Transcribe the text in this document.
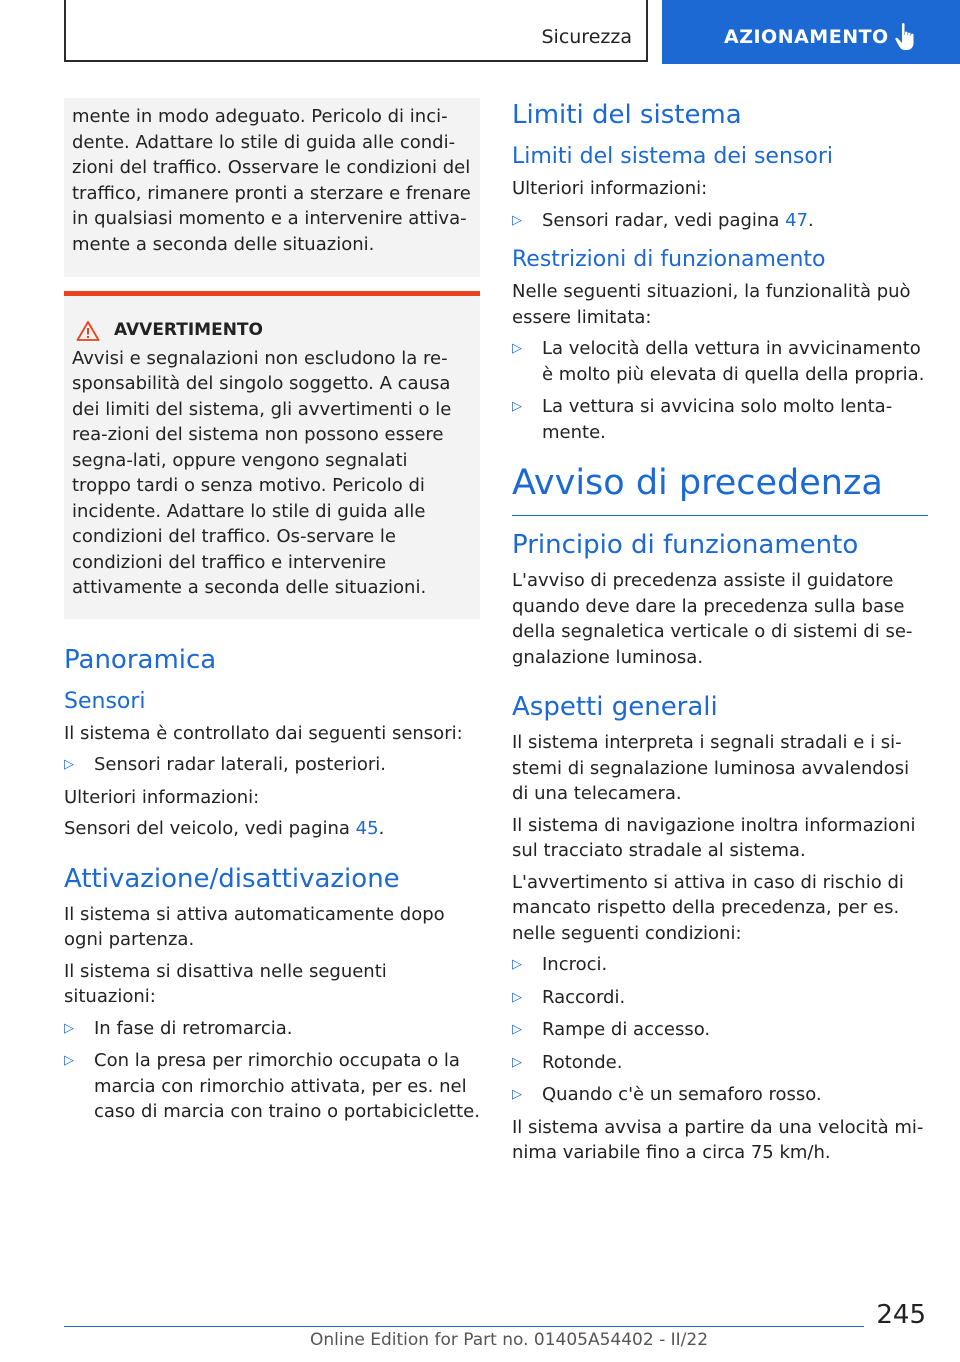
Sicurezza	AZIONAMENTO
mente in modo adeguato. Pericolo di inci-dente. Adattare lo stile di guida alle condi-zioni del traffico. Osservare le condizioni del traffico, rimanere pronti a sterzare e frenare in qualsiasi momento e a intervenire attiva-mente a seconda delle situazioni.
AVVERTIMENTO
Avvisi e segnalazioni non escludono la re-sponsabilità del singolo soggetto. A causa dei limiti del sistema, gli avvertimenti o le rea-zioni del sistema non possono essere segna-lati, oppure vengono segnalati troppo tardi o senza motivo. Pericolo di incidente. Adattare lo stile di guida alle condizioni del traffico. Os-servare le condizioni del traffico e intervenire attivamente a seconda delle situazioni.
Panoramica
Sensori

Il sistema è controllato dai seguenti sensori:

▷ Sensori radar laterali, posteriori.

Ulteriori informazioni:

Sensori del veicolo, vedi pagina 45.

Attivazione/disattivazione

Il sistema si attiva automaticamente dopo ogni partenza.

Il sistema si disattiva nelle seguenti situazioni:

▷ In fase di retromarcia.
▷ Con la presa per rimorchio occupata o la marcia con rimorchio attivata, per es. nel caso di marcia con traino o portabiciclette.
Limiti del sistema
Limiti del sistema dei sensori

Ulteriori informazioni:

▷ Sensori radar, vedi pagina 47.
Restrizioni di funzionamento

Nelle seguenti situazioni, la funzionalità può essere limitata:

▷ La velocità della vettura in avvicinamento è molto più elevata di quella della propria.
▷ La vettura si avvicina solo molto lenta-mente.
Avviso di precedenza
Principio di funzionamento

L'avviso di precedenza assiste il guidatore quando deve dare la precedenza sulla base della segnaletica verticale o di sistemi di se-gnalazione luminosa.

Aspetti generali

Il sistema interpreta i segnali stradali e i si-stemi di segnalazione luminosa avvalendosi di una telecamera.

Il sistema di navigazione inoltra informazioni sul tracciato stradale al sistema.

L'avvertimento si attiva in caso di rischio di mancato rispetto della precedenza, per es. nelle seguenti condizioni:

▷ Incroci.
▷ Raccordi.
▷ Rampe di accesso.
▷ Rotonde.
▷ Quando c'è un semaforo rosso.

Il sistema avvisa a partire da una velocità mi-nima variabile fino a circa 75 km/h.

245
Online Edition for Part no. 01405A54402 - II/22
